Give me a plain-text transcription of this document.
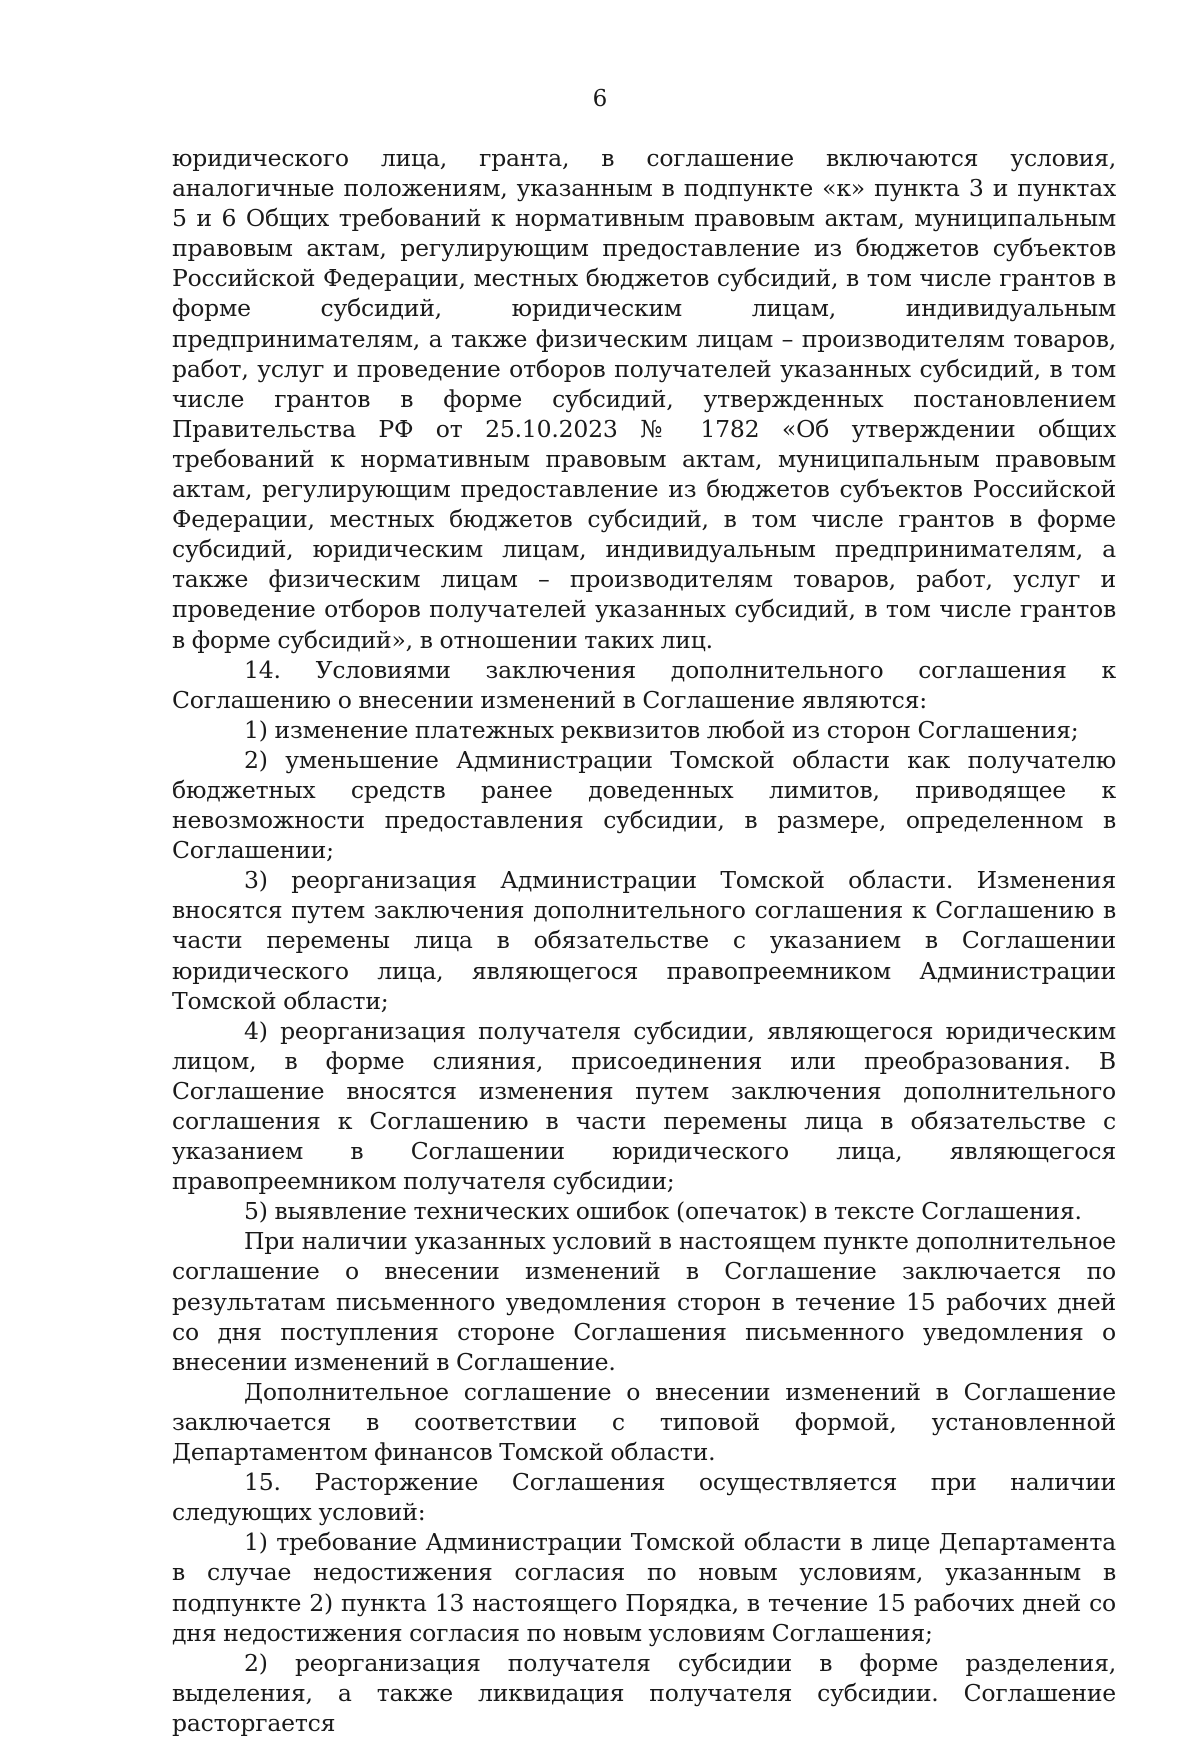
6

юридического лица, гранта, в соглашение включаются условия, аналогичные положениям, указанным в подпункте «к» пункта 3 и пунктах 5 и 6 Общих требований к нормативным правовым актам, муниципальным правовым актам, регулирующим предоставление из бюджетов субъектов Российской Федерации, местных бюджетов субсидий, в том числе грантов в форме субсидий, юридическим лицам, индивидуальным предпринимателям, а также физическим лицам – производителям товаров, работ, услуг и проведение отборов получателей указанных субсидий, в том числе грантов в форме субсидий, утвержденных постановлением Правительства РФ от 25.10.2023 № 1782 «Об утверждении общих требований к нормативным правовым актам, муниципальным правовым актам, регулирующим предоставление из бюджетов субъектов Российской Федерации, местных бюджетов субсидий, в том числе грантов в форме субсидий, юридическим лицам, индивидуальным предпринимателям, а также физическим лицам – производителям товаров, работ, услуг и проведение отборов получателей указанных субсидий, в том числе грантов в форме субсидий», в отношении таких лиц.

14. Условиями заключения дополнительного соглашения к Соглашению о внесении изменений в Соглашение являются:

1) изменение платежных реквизитов любой из сторон Соглашения;

2) уменьшение Администрации Томской области как получателю бюджетных средств ранее доведенных лимитов, приводящее к невозможности предоставления субсидии, в размере, определенном в Соглашении;

3) реорганизация Администрации Томской области. Изменения вносятся путем заключения дополнительного соглашения к Соглашению в части перемены лица в обязательстве с указанием в Соглашении юридического лица, являющегося правопреемником Администрации Томской области;

4) реорганизация получателя субсидии, являющегося юридическим лицом, в форме слияния, присоединения или преобразования. В Соглашение вносятся изменения путем заключения дополнительного соглашения к Соглашению в части перемены лица в обязательстве с указанием в Соглашении юридического лица, являющегося правопреемником получателя субсидии;

5) выявление технических ошибок (опечаток) в тексте Соглашения.

При наличии указанных условий в настоящем пункте дополнительное соглашение о внесении изменений в Соглашение заключается по результатам письменного уведомления сторон в течение 15 рабочих дней со дня поступления стороне Соглашения письменного уведомления о внесении изменений в Соглашение.

Дополнительное соглашение о внесении изменений в Соглашение заключается в соответствии с типовой формой, установленной Департаментом финансов Томской области.

15. Расторжение Соглашения осуществляется при наличии следующих условий:

1) требование Администрации Томской области в лице Департамента в случае недостижения согласия по новым условиям, указанным в подпункте 2) пункта 13 настоящего Порядка, в течение 15 рабочих дней со дня недостижения согласия по новым условиям Соглашения;

2) реорганизация получателя субсидии в форме разделения, выделения, а также ликвидация получателя субсидии. Соглашение расторгается
